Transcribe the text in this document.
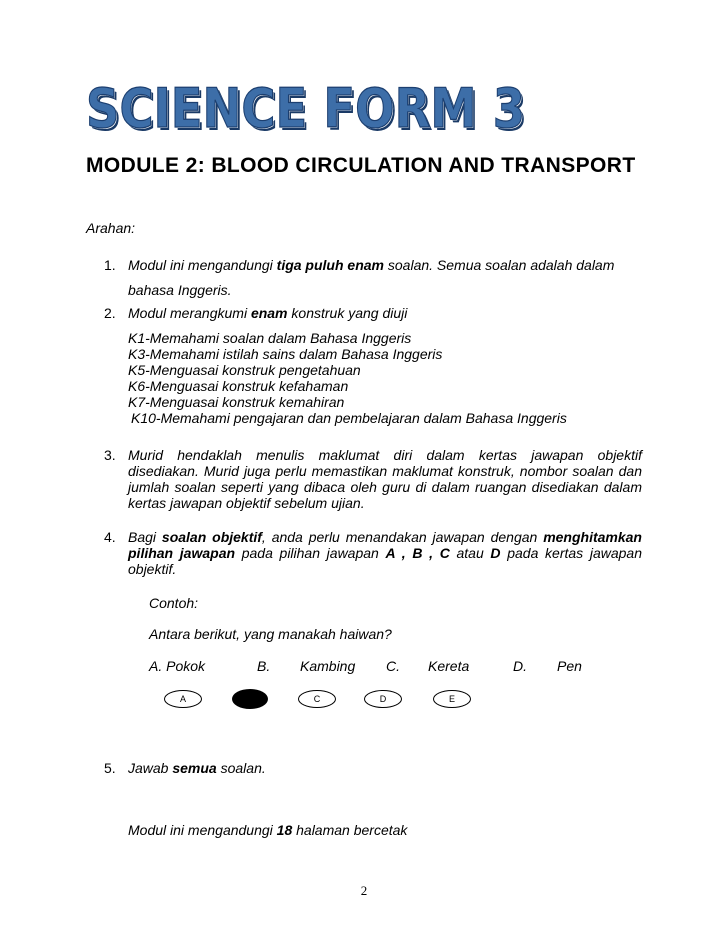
SCIENCE FORM 3
MODULE 2: BLOOD CIRCULATION AND TRANSPORT
Arahan:
1. Modul ini mengandungi tiga puluh enam soalan. Semua soalan adalah dalam
bahasa Inggeris.
2. Modul merangkumi enam konstruk yang diuji
K1-Memahami soalan dalam Bahasa Inggeris
K3-Memahami istilah sains dalam Bahasa Inggeris
K5-Menguasai konstruk pengetahuan
K6-Menguasai konstruk kefahaman
K7-Menguasai konstruk kemahiran
K10-Memahami pengajaran dan pembelajaran dalam Bahasa Inggeris
3. Murid hendaklah menulis maklumat diri dalam kertas jawapan objektif
disediakan. Murid juga perlu memastikan maklumat konstruk, nombor soalan dan
jumlah soalan seperti yang dibaca oleh guru di dalam ruangan disediakan dalam
kertas jawapan objektif sebelum ujian.
4. Bagi soalan objektif, anda perlu menandakan jawapan dengan menghitamkan
pilihan jawapan pada pilihan jawapan A , B , C atau D pada kertas jawapan
objektif.
Contoh:
Antara berikut, yang manakah haiwan?
A. Pokok	B. Kambing C. Kereta	D. Pen
A	C	D	E
5. Jawab semua soalan.
Modul ini mengandungi 18 halaman bercetak
2
